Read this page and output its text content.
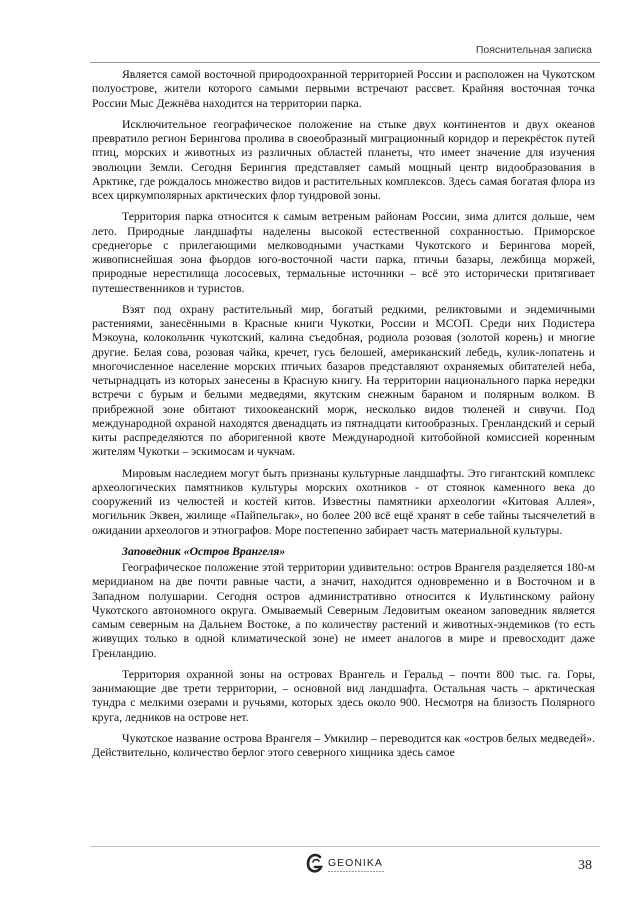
Пояснительная записка

Является самой восточной природоохранной территорией России и расположен на Чукотском полуострове, жители которого самыми первыми встречают рассвет. Крайняя восточная точка России Мыс Дежнёва находится на территории парка.

Исключительное географическое положение на стыке двух континентов и двух океанов превратило регион Берингова пролива в своеобразный миграционный коридор и перекрёсток путей птиц, морских и животных из различных областей планеты, что имеет значение для изучения эволюции Земли. Сегодня Берингия представляет самый мощный центр видообразования в Арктике, где рождалось множество видов и растительных комплексов. Здесь самая богатая флора из всех циркумполярных арктических флор тундровой зоны.

Территория парка относится к самым ветреным районам России, зима длится дольше, чем лето. Природные ландшафты наделены высокой естественной сохранностью. Приморское среднегорье с прилегающими мелководными участками Чукотского и Берингова морей, живописнейшая зона фьордов юго-восточной части парка, птичьи базары, лежбища моржей, природные нерестилища лососевых, термальные источники – всё это исторически притягивает путешественников и туристов.

Взят под охрану растительный мир, богатый редкими, реликтовыми и эндемичными растениями, занесёнными в Красные книги Чукотки, России и МСОП. Среди них Подистера Мэкоуна, колокольчик чукотский, калина съедобная, родиола розовая (золотой корень) и многие другие. Белая сова, розовая чайка, кречет, гусь белошей, американский лебедь, кулик-лопатень и многочисленное население морских птичьих базаров представляют охраняемых обитателей неба, четырнадцать из которых занесены в Красную книгу. На территории национального парка нередки встречи с бурым и белыми медведями, якутским снежным бараном и полярным волком. В прибрежной зоне обитают тихоокеанский морж, несколько видов тюленей и сивучи. Под международной охраной находятся двенадцать из пятнадцати китообразных. Гренландский и серый киты распределяются по аборигенной квоте Международной китобойной комиссией коренным жителям Чукотки – эскимосам и чукчам.

Мировым наследием могут быть признаны культурные ландшафты. Это гигантский комплекс археологических памятников культуры морских охотников - от стоянок каменного века до сооружений из челюстей и костей китов. Известны памятники археологии «Китовая Аллея», могильник Эквен, жилище «Пайпельгак», но более 200 всё ещё хранят в себе тайны тысячелетий в ожидании археологов и этнографов. Море постепенно забирает часть материальной культуры.

Заповедник «Остров Врангеля»

Географическое положение этой территории удивительно: остров Врангеля разделяется 180-м меридианом на две почти равные части, а значит, находится одновременно и в Восточном и в Западном полушарии. Сегодня остров административно относится к Иультинскому району Чукотского автономного округа. Омываемый Северным Ледовитым океаном заповедник является самым северным на Дальнем Востоке, а по количеству растений и животных-эндемиков (то есть живущих только в одной климатической зоне) не имеет аналогов в мире и превосходит даже Гренландию.

Территория охранной зоны на островах Врангель и Геральд – почти 800 тыс. га. Горы, занимающие две трети территории, – основной вид ландшафта. Остальная часть – арктическая тундра с мелкими озерами и ручьями, которых здесь около 900. Несмотря на близость Полярного круга, ледников на острове нет.

Чукотское название острова Врангеля – Умкилир – переводится как «остров белых медведей». Действительно, количество берлог этого северного хищника здесь самое

GEONIKA	38
